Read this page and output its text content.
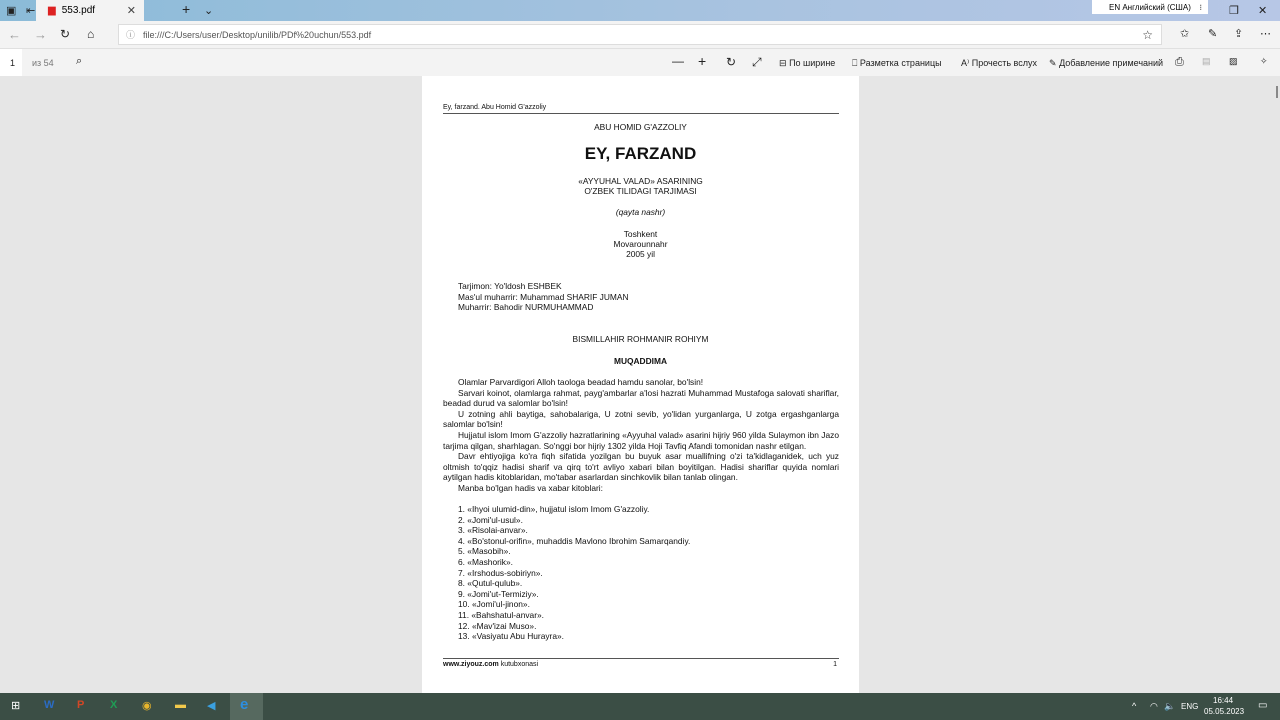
▣ ⇤ ▆ 553.pdf	✕	+ ⌄	EN Английский (США) ⁝ ❐ ✕
← → ↻ ⌂	ⓘ file:///C:/Users/user/Desktop/unilib/PDf%20uchun/553.pdf	☆ ✩ ✎ ⇪ ⋯
1 из 54 ⌕	— + ↻ ⤢ ⊟ По ширине ⎕ Разметка страницы A⁾ Прочесть вслух ✎ Добавление примечаний ⎙ ▤ ▨ ✧
Ey, farzand. Abu Homid G'azzoliy
ABU HOMID G'AZZOLIY
EY, FARZAND
«AYYUHAL VALAD» ASARINING
O'ZBEK TILIDAGI TARJIMASI
(qayta nashr)
Toshkent
Movarounnahr
2005 yil
Tarjimon: Yo'ldosh ESHBEK
Mas'ul muharrir: Muhammad SHARIF JUMAN
Muharrir: Bahodir NURMUHAMMAD
BISMILLAHIR ROHMANIR ROHIYM
MUQADDIMA

Olamlar Parvardigori Alloh taologa beadad hamdu sanolar, bo'lsin!

Sarvari koinot, olamlarga rahmat, payg'ambarlar a'losi hazrati Muhammad Mustafoga salovati shariflar, beadad durud va salomlar bo'lsin!

U zotning ahli baytiga, sahobalariga, U zotni sevib, yo'lidan yurganlarga, U zotga ergashganlarga salomlar bo'lsin!

Hujjatul islom Imom G'azzoliy hazratlarining «Ayyuhal valad» asarini hijriy 960 yilda Sulaymon ibn Jazo tarjima qilgan, sharhlagan. So'nggi bor hijriy 1302 yilda Hoji Tavfiq Afandi tomonidan nashr etilgan.

Davr ehtiyojiga ko'ra fiqh sifatida yozilgan bu buyuk asar muallifning o'zi ta'kidlaganidek, uch yuz oltmish to'qqiz hadisi sharif va qirq to'rt avliyo xabari bilan boyitilgan. Hadisi shariflar quyida nomlari aytilgan hadis kitoblaridan, mo'tabar asarlardan sinchkovlik bilan tanlab olingan.

Manba bo'lgan hadis va xabar kitoblari:

1. «Ihyoi ulumid-din», hujjatul islom Imom G'azzoliy.
2. «Jomi'ul-usul».
3. «Risolai-anvar».
4. «Bo'stonul-orifin», muhaddis Mavlono Ibrohim Samarqandiy.
5. «Masobih».
6. «Mashorik».
7. «Irshodus-sobiriyn».
8. «Qutul-qulub».
9. «Jomi'ut-Termiziy».
10. «Jomi'ul-jinon».
11. «Bahshatul-anvar».
12. «Mav'izai Muso».
13. «Vasiyatu Abu Hurayra».
www.ziyouz.com kutubxonasi	1
⊞ W P X ◉ ▬ ◀ e	^ ◠ 🔈 ENG
16:44
05.05.2023
▭
